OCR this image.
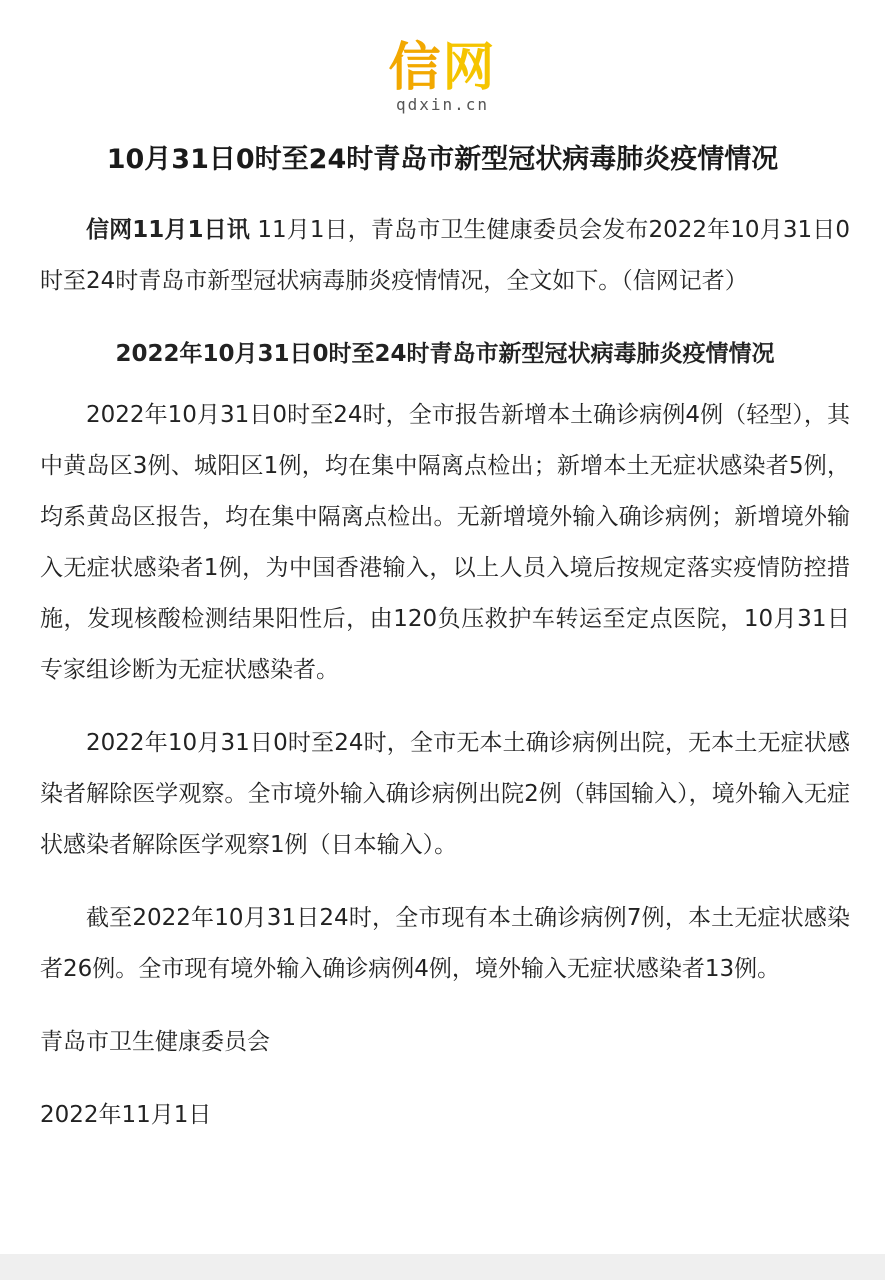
信网
qdxin.cn
10月31日0时至24时青岛市新型冠状病毒肺炎疫情情况

信网11月1日讯 11月1日，青岛市卫生健康委员会发布2022年10月31日0时至24时青岛市新型冠状病毒肺炎疫情情况，全文如下。（信网记者）

2022年10月31日0时至24时青岛市新型冠状病毒肺炎疫情情况

2022年10月31日0时至24时，全市报告新增本土确诊病例4例（轻型），其中黄岛区3例、城阳区1例，均在集中隔离点检出；新增本土无症状感染者5例，均系黄岛区报告，均在集中隔离点检出。无新增境外输入确诊病例；新增境外输入无症状感染者1例，为中国香港输入，以上人员入境后按规定落实疫情防控措施，发现核酸检测结果阳性后，由120负压救护车转运至定点医院，10月31日专家组诊断为无症状感染者。

2022年10月31日0时至24时，全市无本土确诊病例出院，无本土无症状感染者解除医学观察。全市境外输入确诊病例出院2例（韩国输入），境外输入无症状感染者解除医学观察1例（日本输入）。

截至2022年10月31日24时，全市现有本土确诊病例7例，本土无症状感染者26例。全市现有境外输入确诊病例4例，境外输入无症状感染者13例。

青岛市卫生健康委员会

2022年11月1日
